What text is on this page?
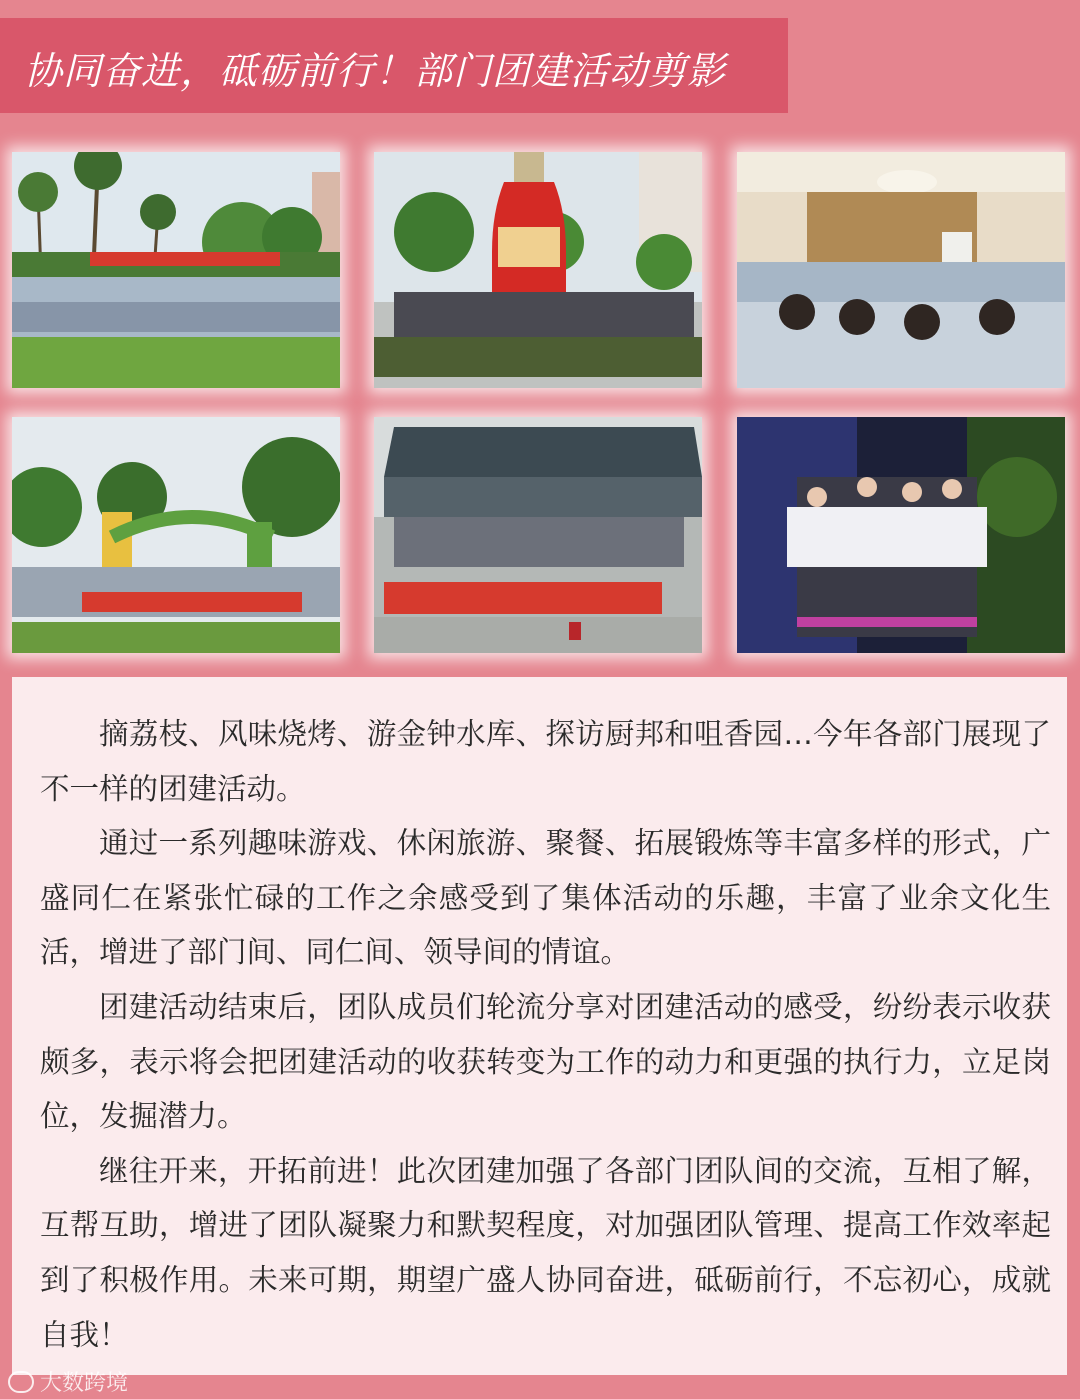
协同奋进，砥砺前行！部门团建活动剪影

摘荔枝、风味烧烤、游金钟水库、探访厨邦和咀香园…今年各部门展现了不一样的团建活动。

通过一系列趣味游戏、休闲旅游、聚餐、拓展锻炼等丰富多样的形式，广盛同仁在紧张忙碌的工作之余感受到了集体活动的乐趣，丰富了业余文化生活，增进了部门间、同仁间、领导间的情谊。

团建活动结束后，团队成员们轮流分享对团建活动的感受，纷纷表示收获颇多，表示将会把团建活动的收获转变为工作的动力和更强的执行力，立足岗位，发掘潜力。

继往开来，开拓前进！此次团建加强了各部门团队间的交流，互相了解，互帮互助，增进了团队凝聚力和默契程度，对加强团队管理、提高工作效率起到了积极作用。未来可期，期望广盛人协同奋进，砥砺前行，不忘初心，成就自我！

大数跨境
